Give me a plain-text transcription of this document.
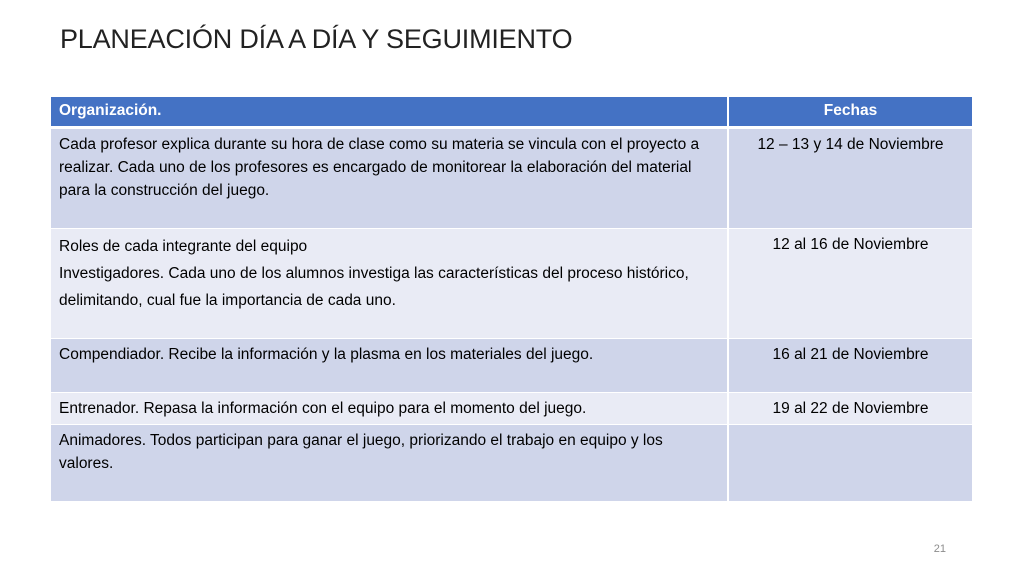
PLANEACIÓN DÍA A DÍA Y SEGUIMIENTO
Organización.	Fechas

Cada profesor explica durante su hora de clase como su materia se vincula con el proyecto a realizar. Cada uno de los profesores es encargado de monitorear la elaboración del material para la construcción del juego.	12 – 13 y 14 de Noviembre

Roles de cada integrante del equipo
Investigadores. Cada uno de los alumnos investiga las características del proceso histórico, delimitando, cual fue la importancia de cada uno.	12 al 16 de Noviembre

Compendiador. Recibe la información y la plasma en los materiales del juego.	16 al 21 de Noviembre

Entrenador. Repasa la información con el equipo para el momento del juego.	19 al 22 de Noviembre

Animadores. Todos participan para ganar el juego, priorizando el trabajo en equipo y los valores.	

21
